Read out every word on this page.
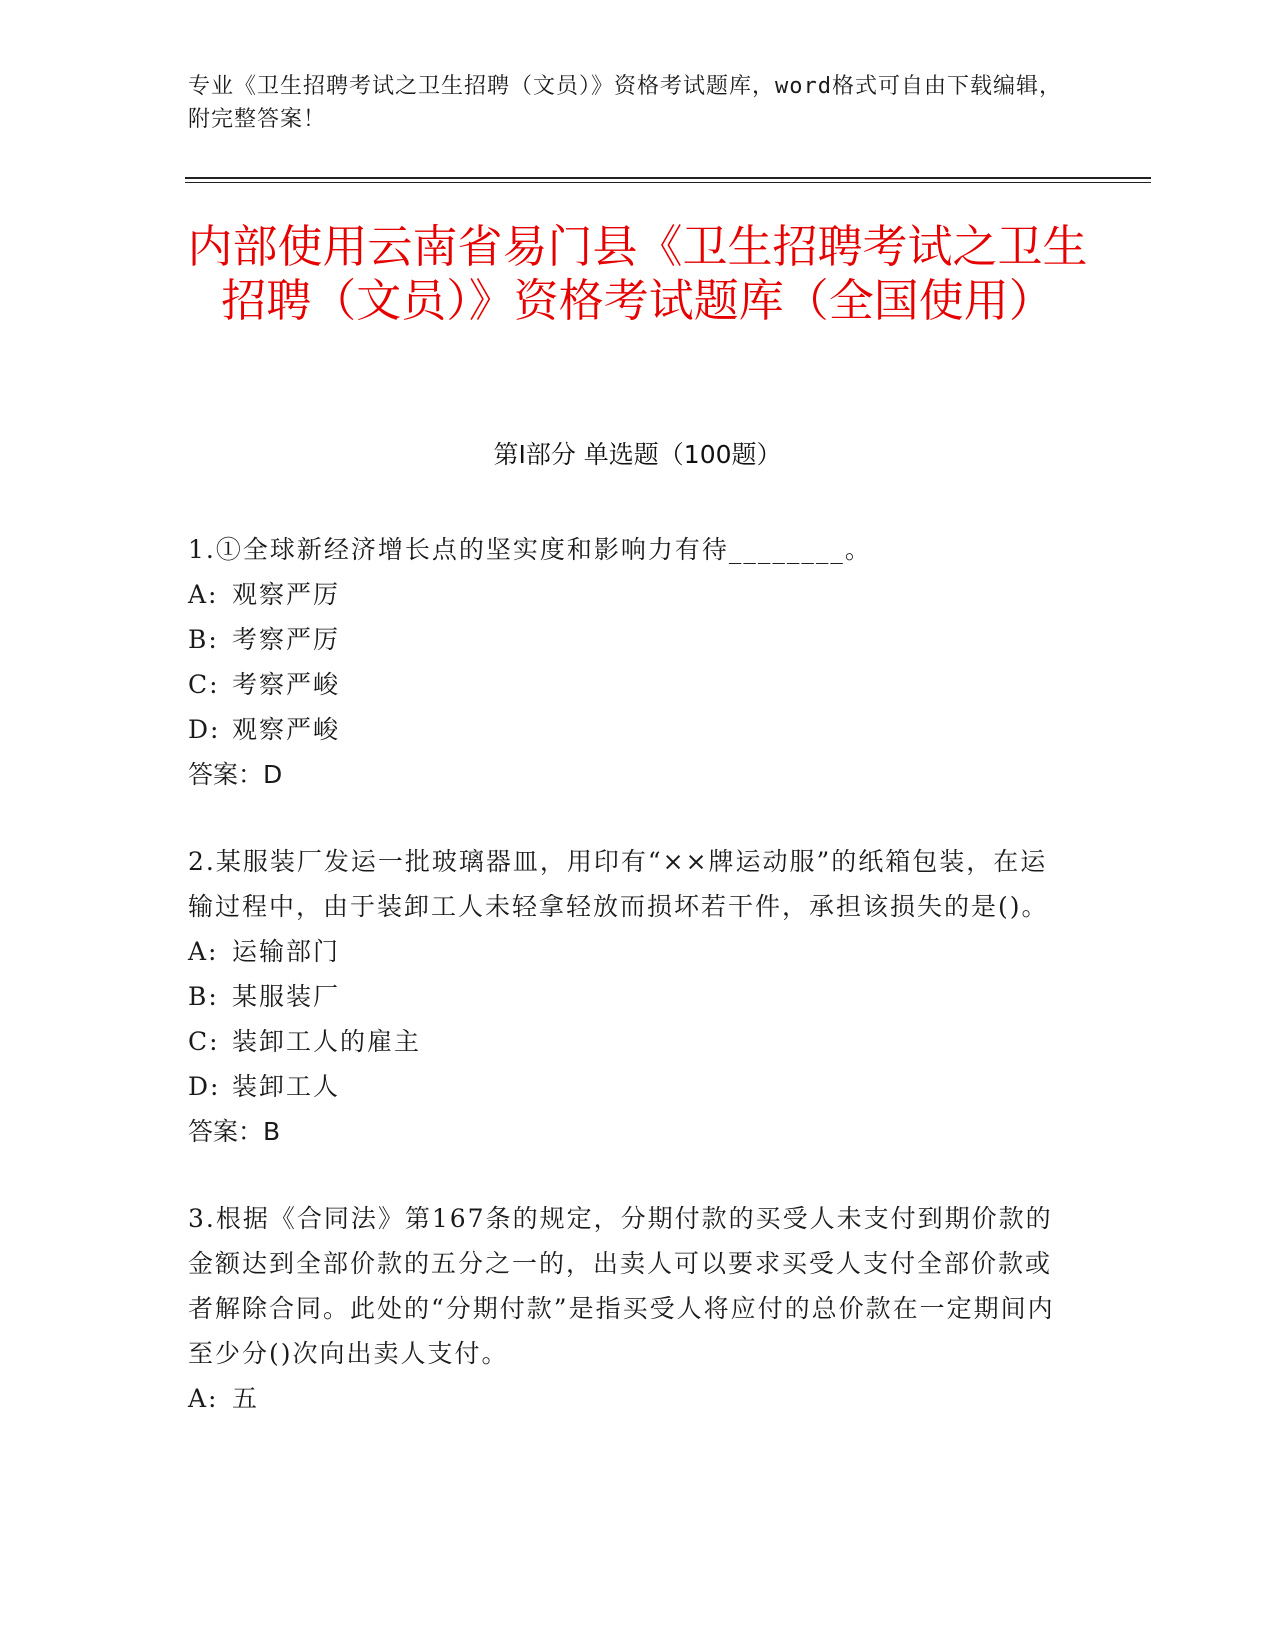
专业《卫生招聘考试之卫生招聘（文员）》资格考试题库，word格式可自由下载编辑，附完整答案！

内部使用云南省易门县《卫生招聘考试之卫生招聘（文员）》资格考试题库（全国使用）
第Ⅰ部分 单选题（100题）

1.①全球新经济增长点的坚实度和影响力有待________。

A: 观察严厉

B: 考察严厉

C: 考察严峻

D: 观察严峻

答案：D

2.某服装厂发运一批玻璃器皿，用印有“××牌运动服”的纸箱包装，在运输过程中，由于装卸工人未轻拿轻放而损坏若干件，承担该损失的是()。

A: 运输部门

B: 某服装厂

C: 装卸工人的雇主

D: 装卸工人

答案：B

3.根据《合同法》第167条的规定，分期付款的买受人未支付到期价款的金额达到全部价款的五分之一的，出卖人可以要求买受人支付全部价款或者解除合同。此处的“分期付款”是指买受人将应付的总价款在一定期间内至少分()次向出卖人支付。

A: 五
